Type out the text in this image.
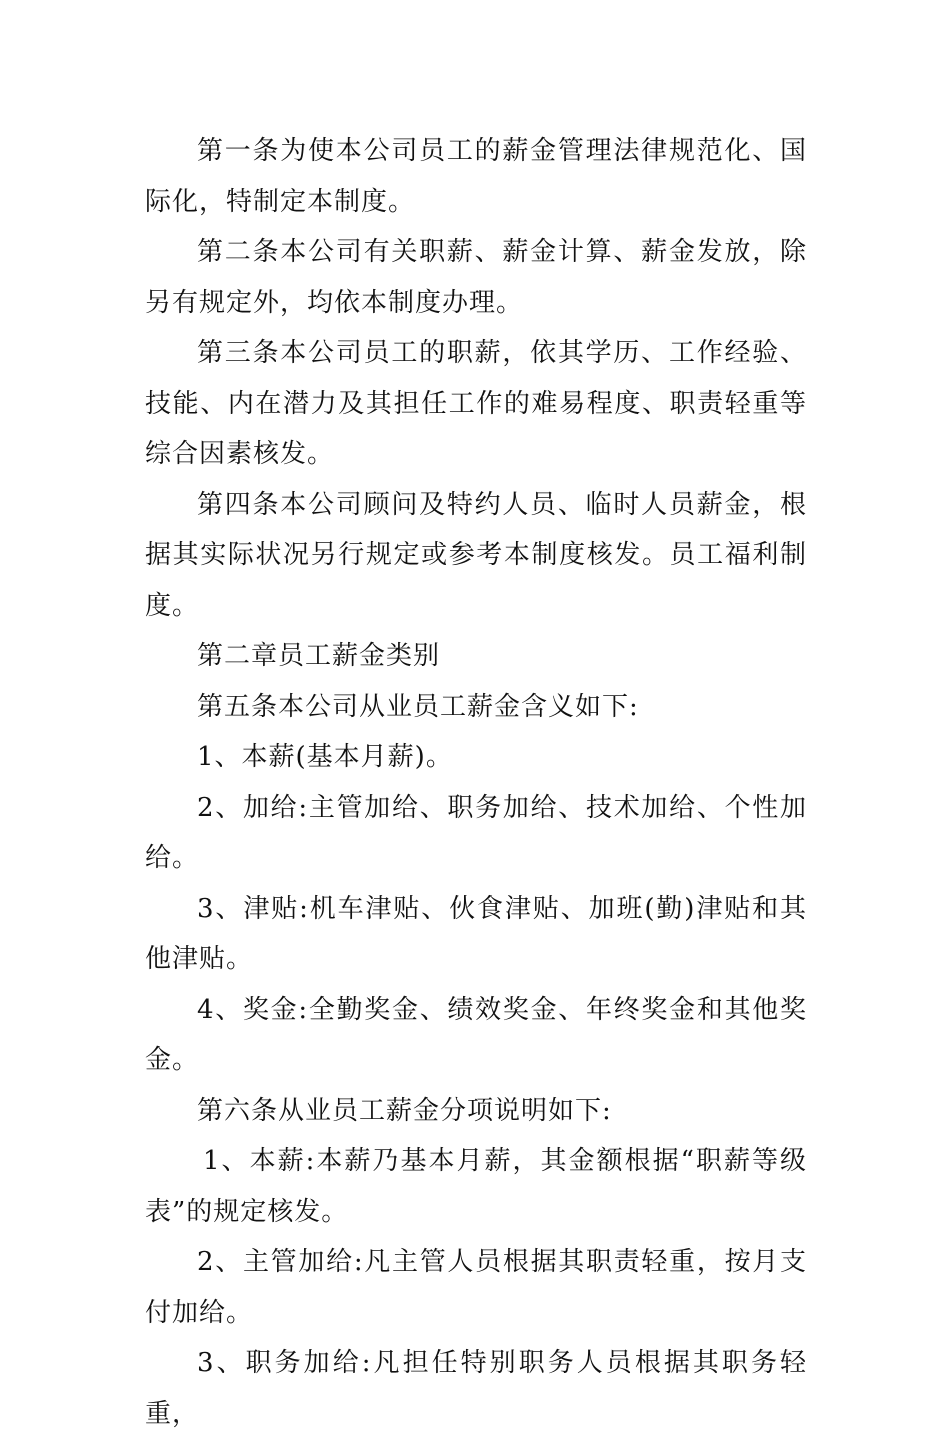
第一条为使本公司员工的薪金管理法律规范化、国际化，特制定本制度。

第二条本公司有关职薪、薪金计算、薪金发放，除另有规定外，均依本制度办理。

第三条本公司员工的职薪，依其学历、工作经验、技能、内在潜力及其担任工作的难易程度、职责轻重等综合因素核发。

第四条本公司顾问及特约人员、临时人员薪金，根据其实际状况另行规定或参考本制度核发。员工福利制度。

第二章员工薪金类别

第五条本公司从业员工薪金含义如下:

1、本薪(基本月薪)。

2、加给:主管加给、职务加给、技术加给、个性加给。

3、津贴:机车津贴、伙食津贴、加班(勤)津贴和其他津贴。

4、奖金:全勤奖金、绩效奖金、年终奖金和其他奖金。

第六条从业员工薪金分项说明如下:

1、本薪:本薪乃基本月薪，其金额根据“职薪等级表”的规定核发。

2、主管加给:凡主管人员根据其职责轻重，按月支付加给。

3、职务加给:凡担任特别职务人员根据其职务轻重，
